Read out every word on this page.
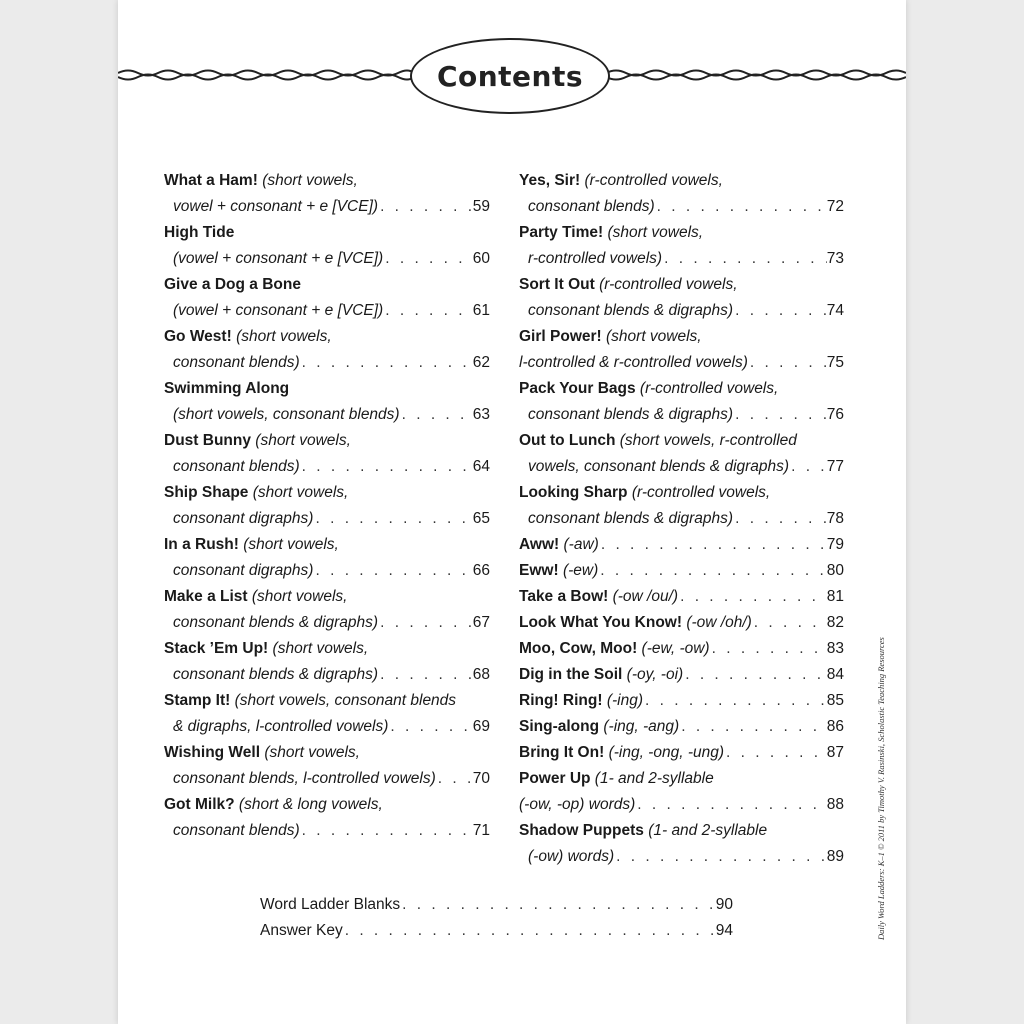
Contents
What a Ham! (short vowels,
vowel + consonant + e [VCE]) . . .	59
High Tide
(vowel + consonant + e [VCE]) . . .	60
Give a Dog a Bone
(vowel + consonant + e [VCE]) . . .	61
Go West! (short vowels,
consonant blends) . . .	62
Swimming Along
(short vowels, consonant blends) . . .	63
Dust Bunny (short vowels,
consonant blends) . . .	64
Ship Shape (short vowels,
consonant digraphs) . . .	65
In a Rush! (short vowels,
consonant digraphs) . . .	66
Make a List (short vowels,
consonant blends & digraphs) . . .	67
Stack ’Em Up! (short vowels,
consonant blends & digraphs) . . .	68
Stamp It! (short vowels, consonant blends
& digraphs, l-controlled vowels) . . .	69
Wishing Well (short vowels,
consonant blends, l-controlled vowels) . . . 70
Got Milk? (short & long vowels,
consonant blends) . . .	71
Yes, Sir! (r-controlled vowels,
consonant blends) . . .	72
Party Time! (short vowels,
r-controlled vowels) . . .	73
Sort It Out (r-controlled vowels,
consonant blends & digraphs) . . .	74
Girl Power! (short vowels,
l-controlled & r-controlled vowels) . . .	75
Pack Your Bags (r-controlled vowels,
consonant blends & digraphs) . . .	76
Out to Lunch (short vowels, r-controlled
vowels, consonant blends & digraphs) . . . 77
Looking Sharp (r-controlled vowels,
consonant blends & digraphs) . . .	78
Aww!
(-aw) . . .	79
Eww!
(-ew) . . .	80
Take a Bow!
(-ow /ou/) . . .	81
Look What You Know!
(-ow /oh/) . . .	82
Moo, Cow, Moo!
(-ew, -ow) . . .	83
Dig in the Soil
(-oy, -oi) . . .	84
Ring! Ring!
(-ing) . . .	85
Sing-along
(-ing, -ang) . . .	86
Bring It On!
(-ing, -ong, -ung) . . .	87
Power Up (1- and 2-syllable
(-ow, -op) words) . . .	88
Shadow Puppets (1- and 2-syllable
(-ow) words) . . .	89
Word Ladder Blanks . . .	90
Answer Key . . .	94	Daily Word Ladders: K–1 © 2011 by Timothy V. Rasinski, Scholastic Teaching Resources
